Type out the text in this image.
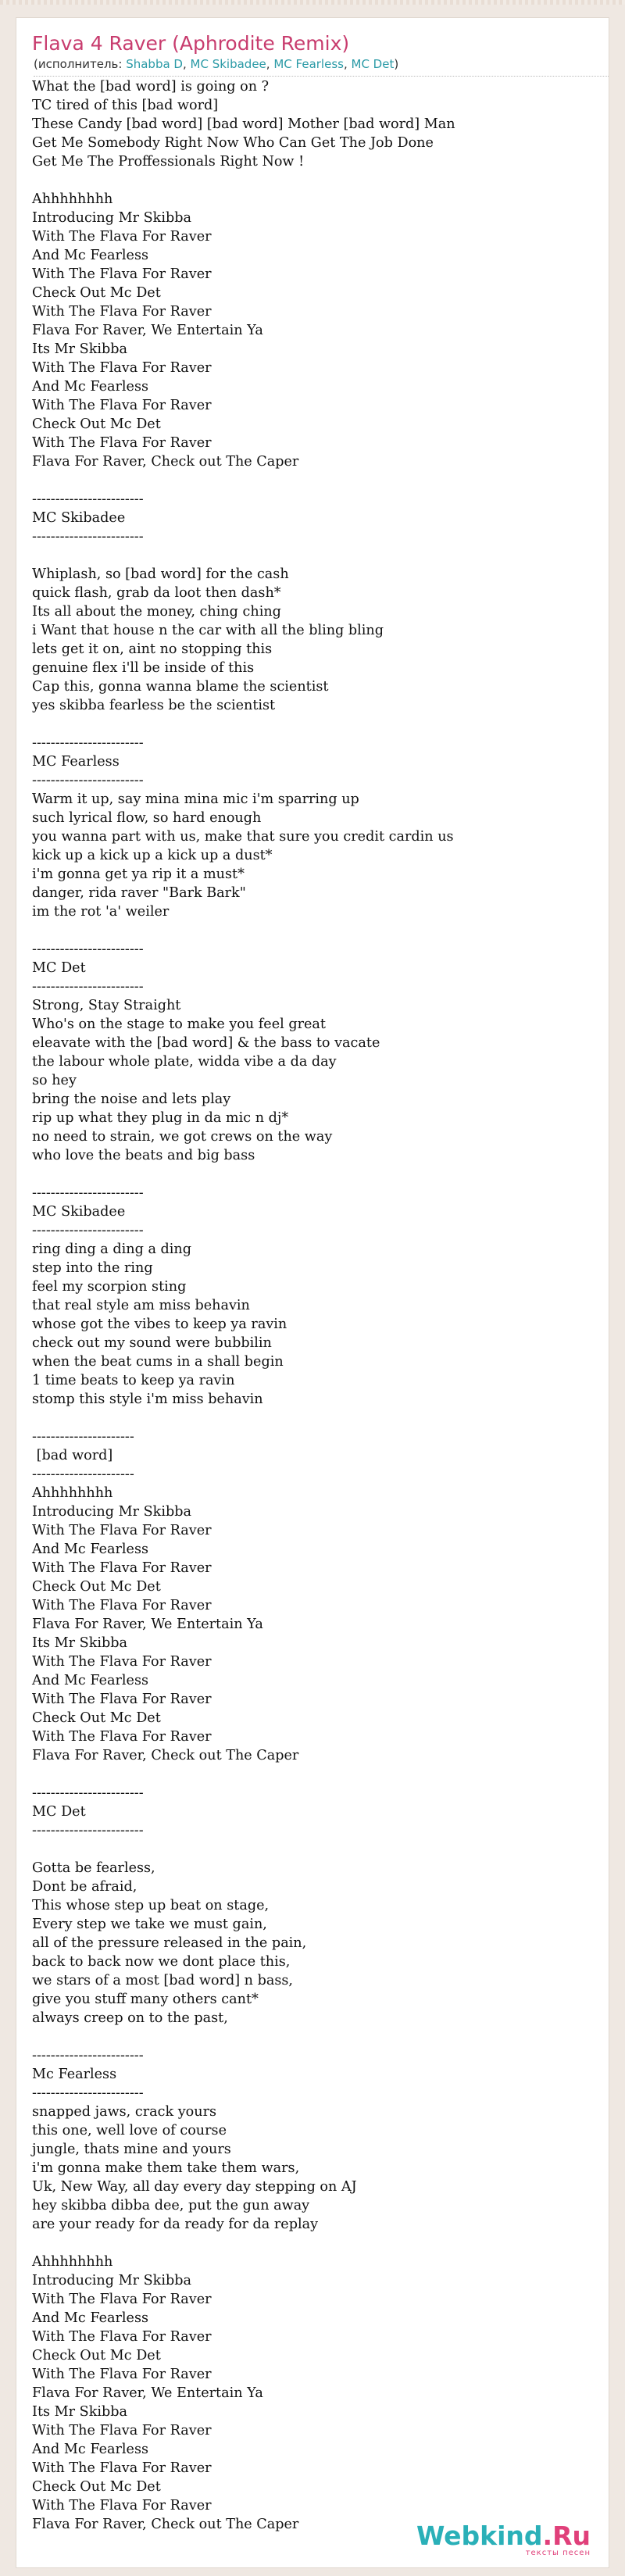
Flava 4 Raver (Aphrodite Remix)
(исполнитель: Shabba D, MC Skibadee, MC Fearless, MC Det)
What the [bad word] is going on ?
TC tired of this [bad word]
These Candy [bad word] [bad word] Mother [bad word] Man
Get Me Somebody Right Now Who Can Get The Job Done
Get Me The Proffessionals Right Now !

Ahhhhhhhh
Introducing Mr Skibba
With The Flava For Raver
And Mc Fearless
With The Flava For Raver
Check Out Mc Det
With The Flava For Raver
Flava For Raver, We Entertain Ya
Its Mr Skibba
With The Flava For Raver
And Mc Fearless
With The Flava For Raver
Check Out Mc Det
With The Flava For Raver
Flava For Raver, Check out The Caper

------------------------
MC Skibadee
------------------------

Whiplash, so [bad word] for the cash
quick flash, grab da loot then dash*
Its all about the money, ching ching
i Want that house n the car with all the bling bling
lets get it on, aint no stopping this
genuine flex i'll be inside of this
Cap this, gonna wanna blame the scientist
yes skibba fearless be the scientist

------------------------
MC Fearless
------------------------
Warm it up, say mina mina mic i'm sparring up
such lyrical flow, so hard enough
you wanna part with us, make that sure you credit cardin us
kick up a kick up a kick up a dust*
i'm gonna get ya rip it a must*
danger, rida raver "Bark Bark"
im the rot 'a' weiler

------------------------
MC Det
------------------------
Strong, Stay Straight
Who's on the stage to make you feel great
eleavate with the [bad word] & the bass to vacate
the labour whole plate, widda vibe a da day
so hey
bring the noise and lets play
rip up what they plug in da mic n dj*
no need to strain, we got crews on the way
who love the beats and big bass

------------------------
MC Skibadee
------------------------
ring ding a ding a ding
step into the ring
feel my scorpion sting
that real style am miss behavin
whose got the vibes to keep ya ravin
check out my sound were bubbilin
when the beat cums in a shall begin
1 time beats to keep ya ravin
stomp this style i'm miss behavin

----------------------
[bad word]
----------------------
Ahhhhhhhh
Introducing Mr Skibba
With The Flava For Raver
And Mc Fearless
With The Flava For Raver
Check Out Mc Det
With The Flava For Raver
Flava For Raver, We Entertain Ya
Its Mr Skibba
With The Flava For Raver
And Mc Fearless
With The Flava For Raver
Check Out Mc Det
With The Flava For Raver
Flava For Raver, Check out The Caper

------------------------
MC Det
------------------------

Gotta be fearless,
Dont be afraid,
This whose step up beat on stage,
Every step we take we must gain,
all of the pressure released in the pain,
back to back now we dont place this,
we stars of a most [bad word] n bass,
give you stuff many others cant*
always creep on to the past,

------------------------
Mc Fearless
------------------------
snapped jaws, crack yours
this one, well love of course
jungle, thats mine and yours
i'm gonna make them take them wars,
Uk, New Way, all day every day stepping on AJ
hey skibba dibba dee, put the gun away
are your ready for da ready for da replay

Ahhhhhhhh
Introducing Mr Skibba
With The Flava For Raver
And Mc Fearless
With The Flava For Raver
Check Out Mc Det
With The Flava For Raver
Flava For Raver, We Entertain Ya
Its Mr Skibba
With The Flava For Raver
And Mc Fearless
With The Flava For Raver
Check Out Mc Det
With The Flava For Raver
Flava For Raver, Check out The Caper	Webkind.Ru
тексты песен
